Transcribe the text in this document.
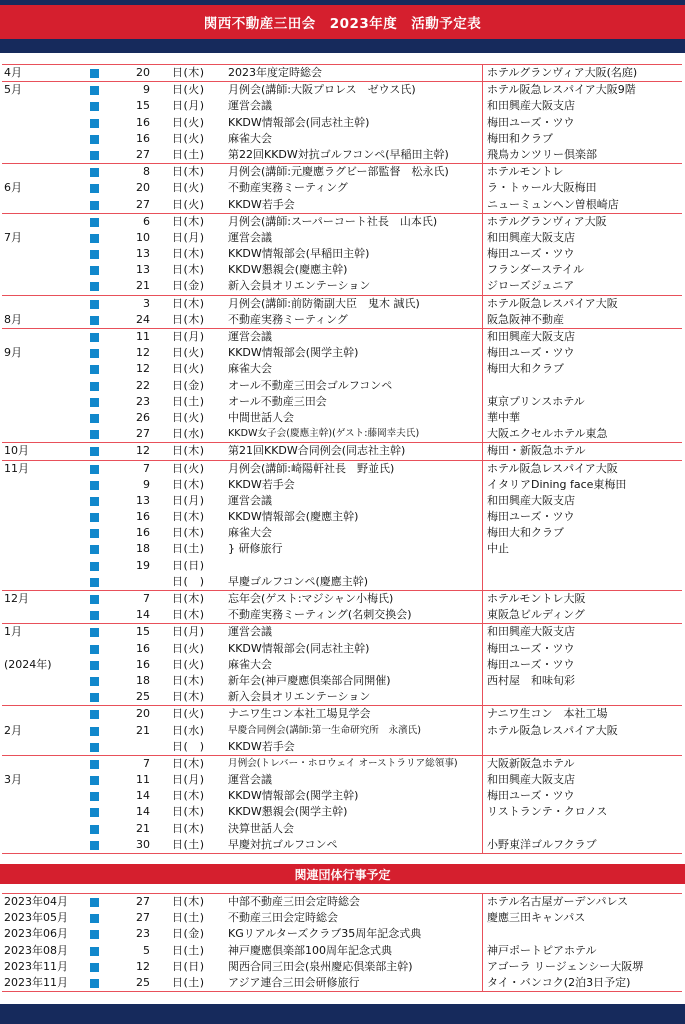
関西不動産三田会　2023年度　活動予定表
4月	20 日(木) 2023年度定時総会	ホテルグランヴィア大阪(名庭)
5月	9 日(火) 月例会(講師:大阪プロレス　ゼウス氏)	ホテル阪急レスパイア大阪9階
15 日(月) 運営会議	和田興産大阪支店
16 日(火) KKDW情報部会(同志社主幹)	梅田ユーズ・ツウ
16 日(火) 麻雀大会	梅田和クラブ
27 日(土) 第22回KKDW対抗ゴルフコンペ(早稲田主幹)	飛鳥カンツリー倶楽部
8 日(木) 月例会(講師:元慶應ラグビー部監督　松永氏)	ホテルモントレ
6月	20 日(火) 不動産実務ミーティング	ラ・トゥール大阪梅田
27 日(火) KKDW若手会	ニューミュンヘン曽根崎店
6 日(木) 月例会(講師:スーパーコート社長　山本氏)	ホテルグランヴィア大阪
7月	10 日(月) 運営会議	和田興産大阪支店
13 日(木) KKDW情報部会(早稲田主幹)	梅田ユーズ・ツウ
13 日(木) KKDW懇親会(慶應主幹)	フランダーステイル
21 日(金) 新入会員オリエンテーション	ジローズジュニア
3 日(木) 月例会(講師:前防衛副大臣　鬼木 誠氏)	ホテル阪急レスパイア大阪
8月	24 日(木) 不動産実務ミーティング	阪急阪神不動産
11 日(月) 運営会議	和田興産大阪支店
9月	12 日(火) KKDW情報部会(関学主幹)	梅田ユーズ・ツウ
12 日(火) 麻雀大会	梅田大和クラブ
22 日(金) オール不動産三田会ゴルフコンペ
23 日(土) オール不動産三田会	東京プリンスホテル
26 日(火) 中間世話人会	華中華
27 日(水) KKDW女子会(慶應主幹)(ゲスト:藤岡幸夫氏)	大阪エクセルホテル東急
10月	12 日(木) 第21回KKDW合同例会(同志社主幹)	梅田・新阪急ホテル
11月	7 日(火) 月例会(講師:崎陽軒社長　野並氏)	ホテル阪急レスパイア大阪
9 日(木) KKDW若手会	イタリアDining face東梅田
13 日(月) 運営会議	和田興産大阪支店
16 日(木) KKDW情報部会(慶應主幹)	梅田ユーズ・ツウ
16 日(木) 麻雀大会	梅田大和クラブ
18 日(土) } 研修旅行	中止
19 日(日)
日(　) 早慶ゴルフコンペ(慶應主幹)
12月	7 日(木) 忘年会(ゲスト:マジシャン小梅氏)	ホテルモントレ大阪
14 日(木) 不動産実務ミーティング(名刺交換会)	東阪急ビルディング
1月	15 日(月) 運営会議	和田興産大阪支店
16 日(火) KKDW情報部会(同志社主幹)	梅田ユーズ・ツウ
(2024年)	16 日(火) 麻雀大会	梅田ユーズ・ツウ
18 日(木) 新年会(神戸慶應倶楽部合同開催)	西村屋　和味旬彩
25 日(木) 新入会員オリエンテーション
20 日(火) ナニワ生コン本社工場見学会	ナニワ生コン　本社工場
2月	21 日(水) 早慶合同例会(講師:第一生命研究所　永濱氏)	ホテル阪急レスパイア大阪
日(　) KKDW若手会
7 日(木) 月例会(トレバー・ホロウェイ オーストラリア総領事)	大阪新阪急ホテル
3月	11 日(月) 運営会議	和田興産大阪支店
14 日(木) KKDW情報部会(関学主幹)	梅田ユーズ・ツウ
14 日(木) KKDW懇親会(関学主幹)	リストランテ・クロノス
21 日(木) 決算世話人会
30 日(土) 早慶対抗ゴルフコンペ	小野東洋ゴルフクラブ
関連団体行事予定
2023年04月	27 日(木) 中部不動産三田会定時総会	ホテル名古屋ガーデンパレス
2023年05月	27 日(土) 不動産三田会定時総会	慶應三田キャンパス
2023年06月	23 日(金) KGリアルターズクラブ35周年記念式典
2023年08月	5 日(土) 神戸慶應倶楽部100周年記念式典	神戸ポートピアホテル
2023年11月	12 日(日) 関西合同三田会(泉州慶応倶楽部主幹)	アゴーラ リージェンシー大阪堺
2023年11月	25 日(土) アジア連合三田会研修旅行	タイ・バンコク(2泊3日予定)
